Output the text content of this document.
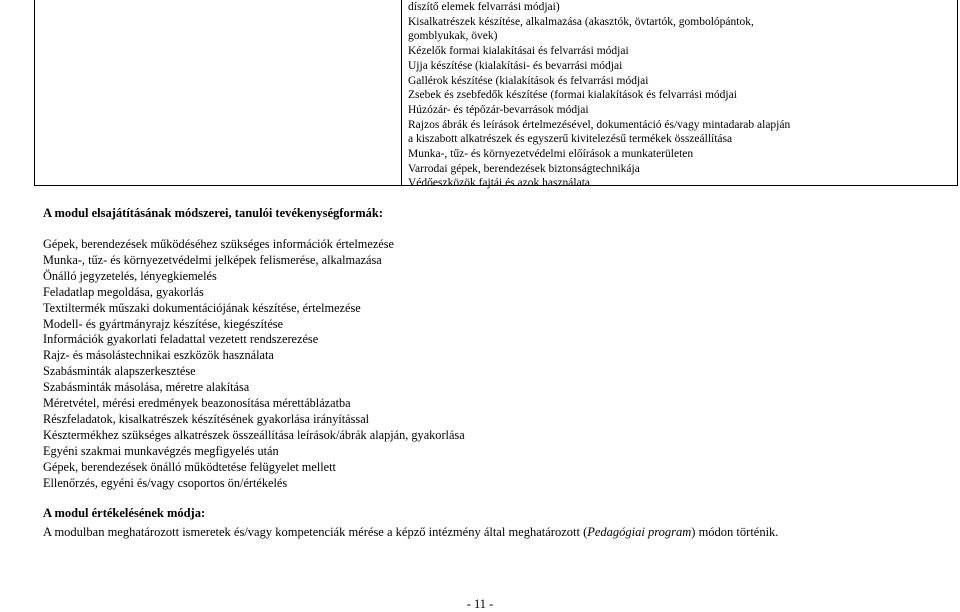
díszítő elemek felvarrási módjai)
Kisalkatrészek készítése, alkalmazása (akasztók, övtartók, gombolópántok,
gomblyukak, övek)
Kézelők formai kialakításai és felvarrási módjai
Ujja készítése (kialakítási- és bevarrási módjai
Gallérok készítése (kialakítások és felvarrási módjai
Zsebek és zsebfedők készítése (formai kialakítások és felvarrási módjai
Húzózár- és tépőzár-bevarrások módjai
Rajzos ábrák és leírások értelmezésével, dokumentáció és/vagy mintadarab alapján
a kiszabott alkatrészek és egyszerű kivitelezésű termékek összeállítása
Munka-, tűz- és környezetvédelmi előírások a munkaterületen
Varrodai gépek, berendezések biztonságtechnikája
Védőeszközök fajtái és azok használata
A modul elsajátításának módszerei, tanulói tevékenységformák:
Gépek, berendezések működéséhez szükséges információk értelmezése
Munka-, tűz- és környezetvédelmi jelképek felismerése, alkalmazása
Önálló jegyzetelés, lényegkiemelés
Feladatlap megoldása, gyakorlás
Textiltermék műszaki dokumentációjának készítése, értelmezése
Modell- és gyártmányrajz készítése, kiegészítése
Információk gyakorlati feladattal vezetett rendszerezése
Rajz- és másolástechnikai eszközök használata
Szabásminták alapszerkesztése
Szabásminták másolása, méretre alakítása
Méretvétel, mérési eredmények beazonosítása mérettáblázatba
Részfeladatok, kisalkatrészek készítésének gyakorlása irányítással
Késztermékhez szükséges alkatrészek összeállítása leírások/ábrák alapján, gyakorlása
Egyéni szakmai munkavégzés megfigyelés után
Gépek, berendezések önálló működtetése felügyelet mellett
Ellenőrzés, egyéni és/vagy csoportos ön/értékelés
A modul értékelésének módja:
A modulban meghatározott ismeretek és/vagy kompetenciák mérése a képző intézmény által meghatározott (Pedagógiai program) módon történik.
- 11 -
